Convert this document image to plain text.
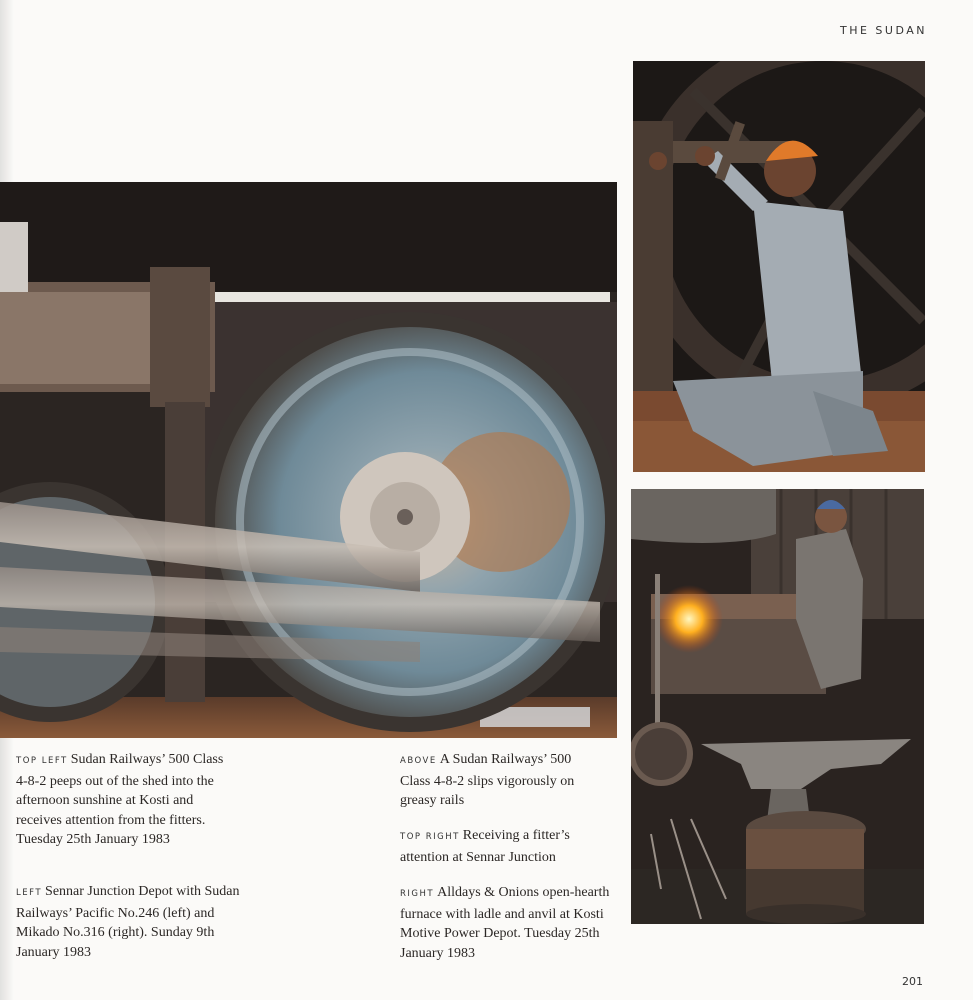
THE SUDAN
TOP LEFT Sudan Railways’ 500 Class 4-8-2 peeps out of the shed into the afternoon sunshine at Kosti and receives attention from the fitters. Tuesday 25th January 1983
LEFT Sennar Junction Depot with Sudan Railways’ Pacific No.246 (left) and Mikado No.316 (right). Sunday 9th January 1983
ABOVE A Sudan Railways’ 500 Class 4-8-2 slips vigorously on greasy rails
TOP RIGHT Receiving a fitter’s attention at Sennar Junction
RIGHT Alldays & Onions open-hearth furnace with ladle and anvil at Kosti Motive Power Depot. Tuesday 25th January 1983
201
